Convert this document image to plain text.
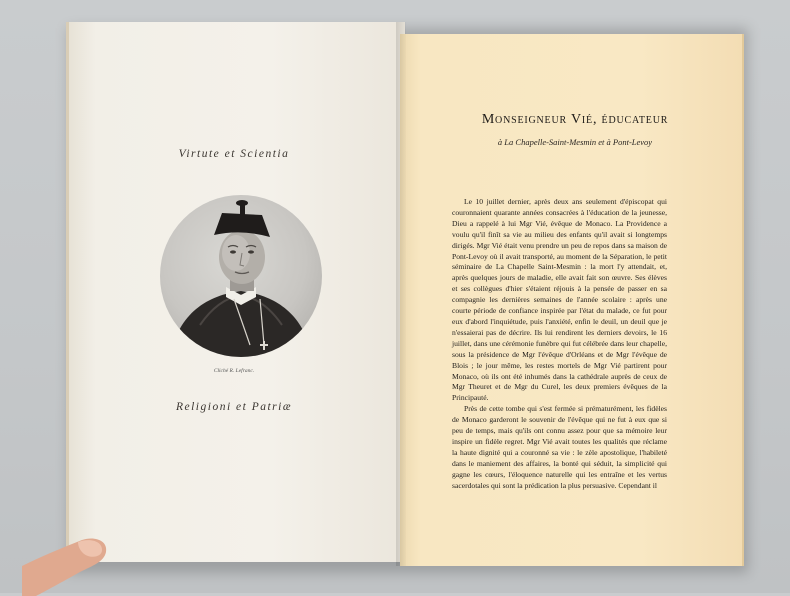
Virtute et Scientia
Cliché R. Lefranc.
Religioni et Patriæ
Monseigneur Vié, éducateur
à La Chapelle-Saint-Mesmin et à Pont-Levoy

Le 10 juillet dernier, après deux ans seulement d'épiscopat qui couronnaient quarante années consacrées à l'éducation de la jeunesse, Dieu a rappelé à lui Mgr Vié, évêque de Monaco. La Providence a voulu qu'il finît sa vie au milieu des enfants qu'il avait si longtemps dirigés. Mgr Vié était venu prendre un peu de repos dans sa maison de Pont-Levoy où il avait transporté, au moment de la Séparation, le petit séminaire de La Chapelle Saint-Mesmin : la mort l'y attendait, et, après quelques jours de maladie, elle avait fait son œuvre. Ses élèves et ses collègues d'hier s'étaient réjouis à la pensée de passer en sa compagnie les dernières semaines de l'année scolaire : après une courte période de confiance inspirée par l'état du malade, ce fut pour eux d'abord l'inquiétude, puis l'anxiété, enfin le deuil, un deuil que je n'essaierai pas de décrire. Ils lui rendirent les derniers devoirs, le 16 juillet, dans une cérémonie funèbre qui fut célébrée dans leur chapelle, sous la présidence de Mgr l'évêque d'Orléans et de Mgr l'évêque de Blois ; le jour même, les restes mortels de Mgr Vié partirent pour Monaco, où ils ont été inhumés dans la cathédrale auprès de ceux de Mgr Theuret et de Mgr du Curel, les deux premiers évêques de la Principauté.

Près de cette tombe qui s'est fermée si prématurément, les fidèles de Monaco garderont le souvenir de l'évêque qui ne fut à eux que si peu de temps, mais qu'ils ont connu assez pour que sa mémoire leur inspire un fidèle regret. Mgr Vié avait toutes les qualités que réclame la haute dignité qui a couronné sa vie : le zèle apostolique, l'habileté dans le maniement des affaires, la bonté qui séduit, la simplicité qui gagne les cœurs, l'éloquence naturelle qui les entraîne et les vertus sacerdotales qui sont la prédication la plus persuasive. Cependant il
